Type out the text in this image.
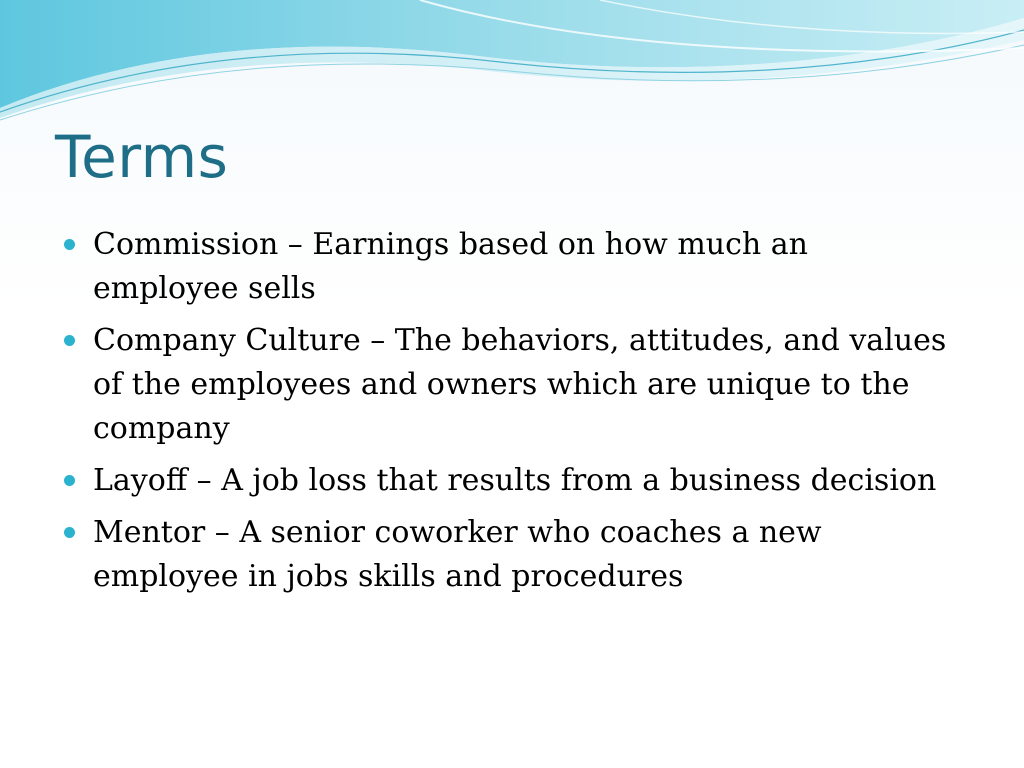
Terms
Commission – Earnings based on how much an employee sells
Company Culture – The behaviors, attitudes, and values of the employees and owners which are unique to the company
Layoff – A job loss that results from a business decision
Mentor – A senior coworker who coaches a new employee in jobs skills and procedures
